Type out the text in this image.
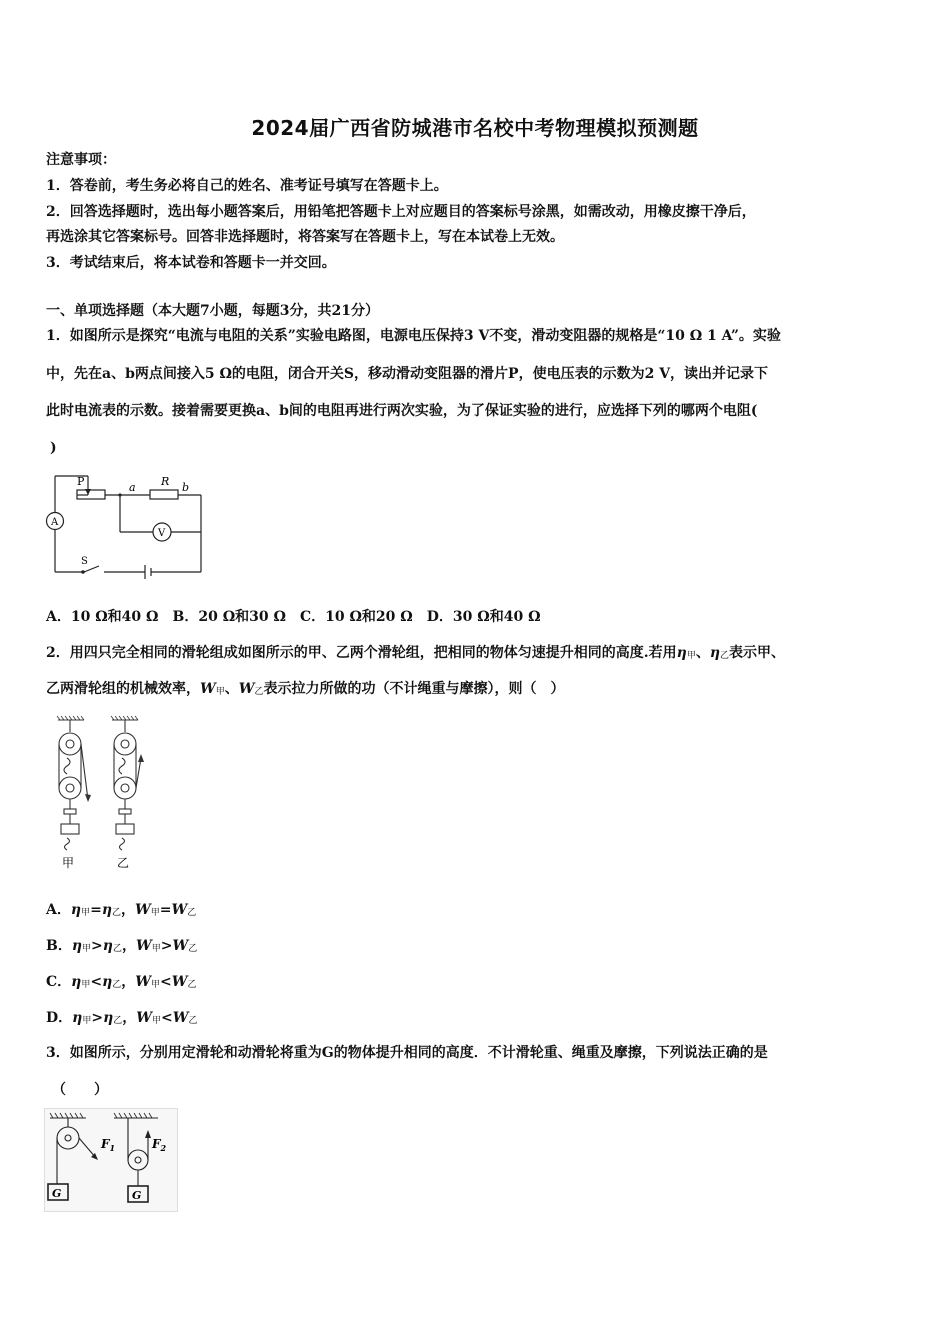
2024届广西省防城港市名校中考物理模拟预测题
注意事项：
1．答卷前，考生务必将自己的姓名、准考证号填写在答题卡上。
2．回答选择题时，选出每小题答案后，用铅笔把答题卡上对应题目的答案标号涂黑，如需改动，用橡皮擦干净后，
再选涂其它答案标号。回答非选择题时，将答案写在答题卡上，写在本试卷上无效。
3．考试结束后，将本试卷和答题卡一并交回。
一、单项选择题（本大题7小题，每题3分，共21分）
1．如图所示是探究“电流与电阻的关系”实验电路图，电源电压保持3 V不变，滑动变阻器的规格是“10 Ω 1 A”。实验
中，先在a、b两点间接入5 Ω的电阻，闭合开关S，移动滑动变阻器的滑片P，使电压表的示数为2 V，读出并记录下
此时电流表的示数。接着需要更换a、b间的电阻再进行两次实验，为了保证实验的进行，应选择下列的哪两个电阻(
)
P	a R b
A
V
S
A．10 Ω和40 Ω　B．20 Ω和30 Ω　C．10 Ω和20 Ω　D．30 Ω和40 Ω
2．用四只完全相同的滑轮组成如图所示的甲、乙两个滑轮组，把相同的物体匀速提升相同的高度.若用$\eta_甲$、$\eta_乙$表示甲、
乙两滑轮组的机械效率，$W_甲$、$W_乙$表示拉力所做的功（不计绳重与摩擦），则（　）
甲	乙
A．$\eta_甲=\eta_乙$，$W_甲=W_乙$
B．$\eta_甲>\eta_乙$，$W_甲>W_乙$
C．$\eta_甲<\eta_乙$，$W_甲<W_乙$
D．$\eta_甲>\eta_乙$，$W_甲<W_乙$
3．如图所示，分别用定滑轮和动滑轮将重为G的物体提升相同的高度．不计滑轮重、绳重及摩擦，下列说法正确的是
（　　）
$F_1$	$F_2$
G	G
